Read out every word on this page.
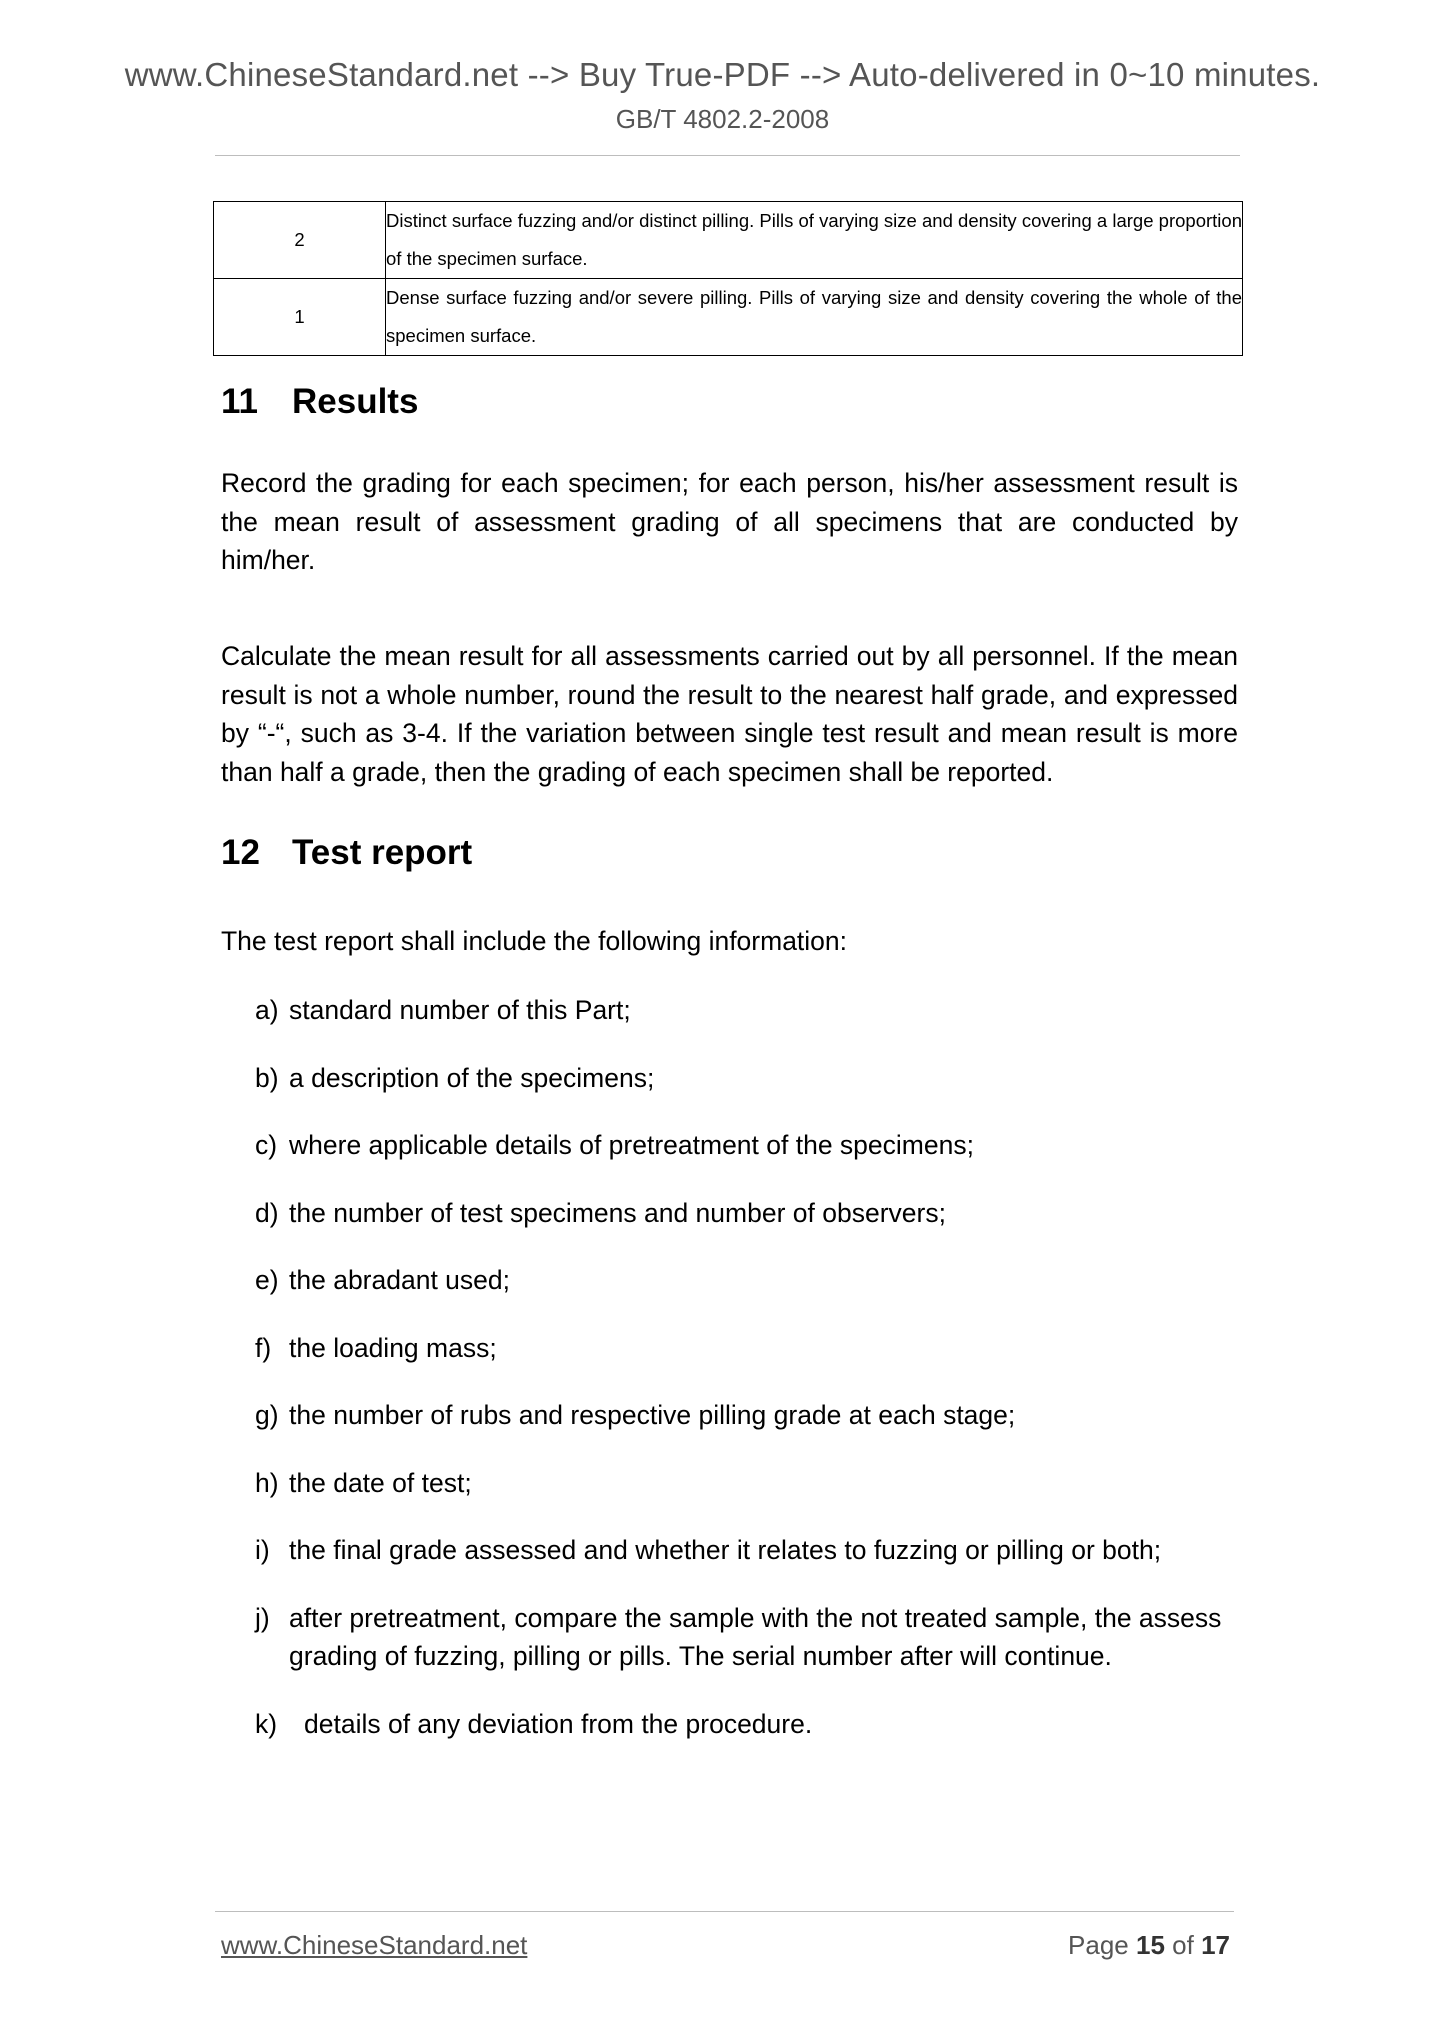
www.ChineseStandard.net --> Buy True-PDF --> Auto-delivered in 0~10 minutes.
GB/T 4802.2-2008
2	Distinct surface fuzzing and/or distinct pilling. Pills of varying size and density covering a large proportion of the specimen surface.
1	Dense surface fuzzing and/or severe pilling. Pills of varying size and density covering the whole of the specimen surface.
11 Results
Record the grading for each specimen; for each person, his/her assessment result is the mean result of assessment grading of all specimens that are conducted by him/her.
Calculate the mean result for all assessments carried out by all personnel. If the mean result is not a whole number, round the result to the nearest half grade, and expressed by “-“, such as 3-4. If the variation between single test result and mean result is more than half a grade, then the grading of each specimen shall be reported.
12 Test report
The test report shall include the following information:
a) standard number of this Part;
b) a description of the specimens;
c) where applicable details of pretreatment of the specimens;
d) the number of test specimens and number of observers;
e) the abradant used;
f) the loading mass;
g) the number of rubs and respective pilling grade at each stage;
h) the date of test;
i) the final grade assessed and whether it relates to fuzzing or pilling or both;
j) after pretreatment, compare the sample with the not treated sample, the assess grading of fuzzing, pilling or pills. The serial number after will continue.
k)	details of any deviation from the procedure.
www.ChineseStandard.net	Page 15 of 17
